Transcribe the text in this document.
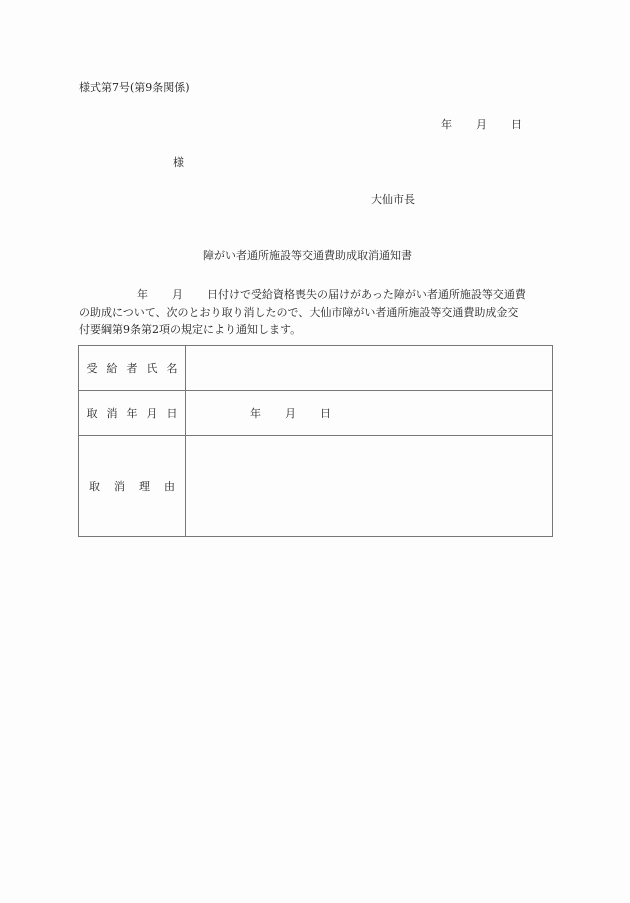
様式第7号(第9条関係)
年 月 日
様
大仙市長
障がい者通所施設等交通費助成取消通知書
年 月 日付けで受給資格喪失の届けがあった障がい者通所施設等交通費
の助成について、次のとおり取り消したので、大仙市障がい者通所施設等交通費助成金交
付要綱第9条第2項の規定により通知します。
受 給 者 氏 名	
取 消 年 月 日	年 月 日
取 消 理 由	
